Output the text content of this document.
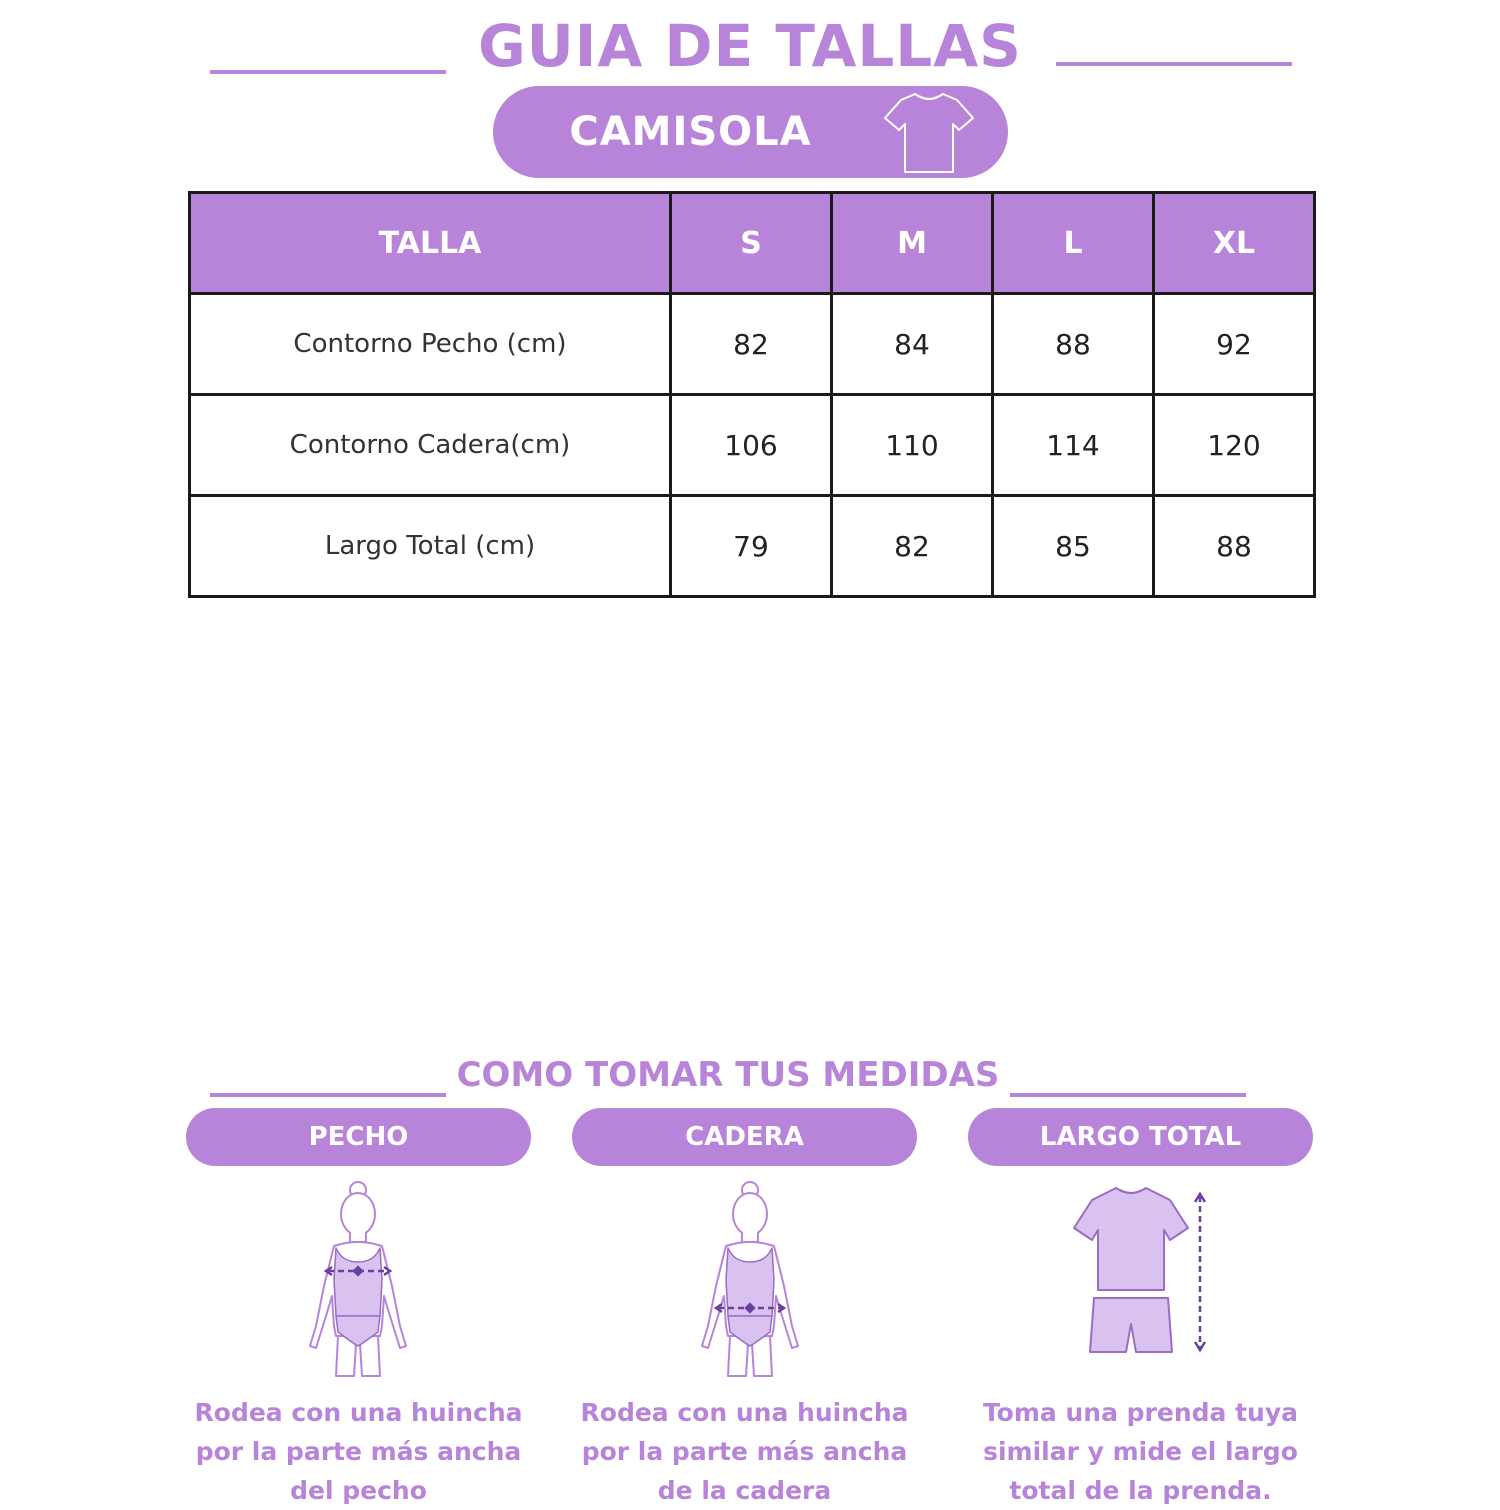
GUIA DE TALLAS
CAMISOLA
TALLA	S	M	L	XL
Contorno Pecho (cm)	82	84	88	92
Contorno Cadera(cm)	106	110	114	120
Largo Total (cm)	79	82	85	88
COMO TOMAR TUS MEDIDAS
PECHO
Rodea con una huincha por la parte más ancha del pecho
CADERA
Rodea con una huincha por la parte más ancha de la cadera
LARGO TOTAL
Toma una prenda tuya similar y mide el largo total de la prenda.
